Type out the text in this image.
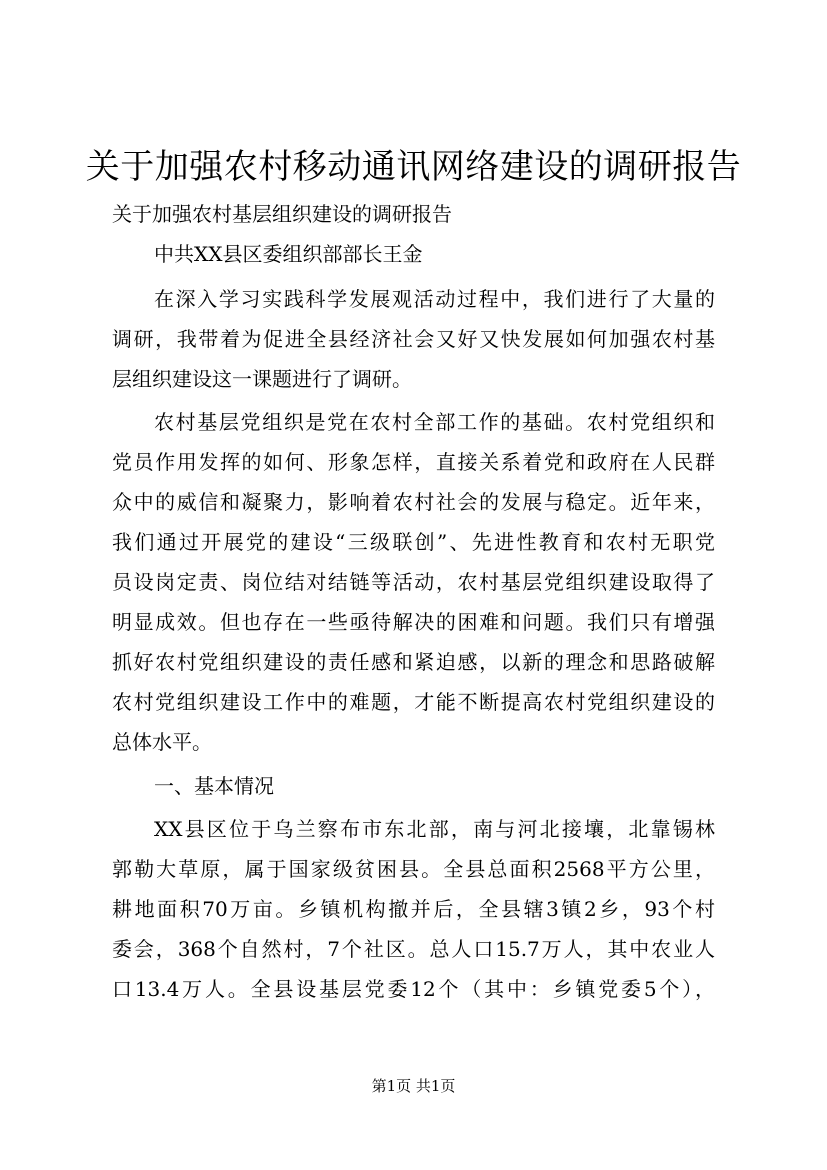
关于加强农村移动通讯网络建设的调研报告
关于加强农村基层组织建设的调研报告
中共XX县区委组织部部长王金
在深入学习实践科学发展观活动过程中，我们进行了大量的
调研，我带着为促进全县经济社会又好又快发展如何加强农村基
层组织建设这一课题进行了调研。
农村基层党组织是党在农村全部工作的基础。农村党组织和
党员作用发挥的如何、形象怎样，直接关系着党和政府在人民群
众中的威信和凝聚力，影响着农村社会的发展与稳定。近年来，
我们通过开展党的建设“三级联创”、先进性教育和农村无职党
员设岗定责、岗位结对结链等活动，农村基层党组织建设取得了
明显成效。但也存在一些亟待解决的困难和问题。我们只有增强
抓好农村党组织建设的责任感和紧迫感，以新的理念和思路破解
农村党组织建设工作中的难题，才能不断提高农村党组织建设的
总体水平。
一、基本情况
XX县区位于乌兰察布市东北部，南与河北接壤，北靠锡林
郭勒大草原，属于国家级贫困县。全县总面积2568平方公里，
耕地面积70万亩。乡镇机构撤并后，全县辖3镇2乡，93个村
委会，368个自然村，7个社区。总人口15.7万人，其中农业人
口13.4万人。全县设基层党委12个（其中：乡镇党委5个），
第1页 共1页
